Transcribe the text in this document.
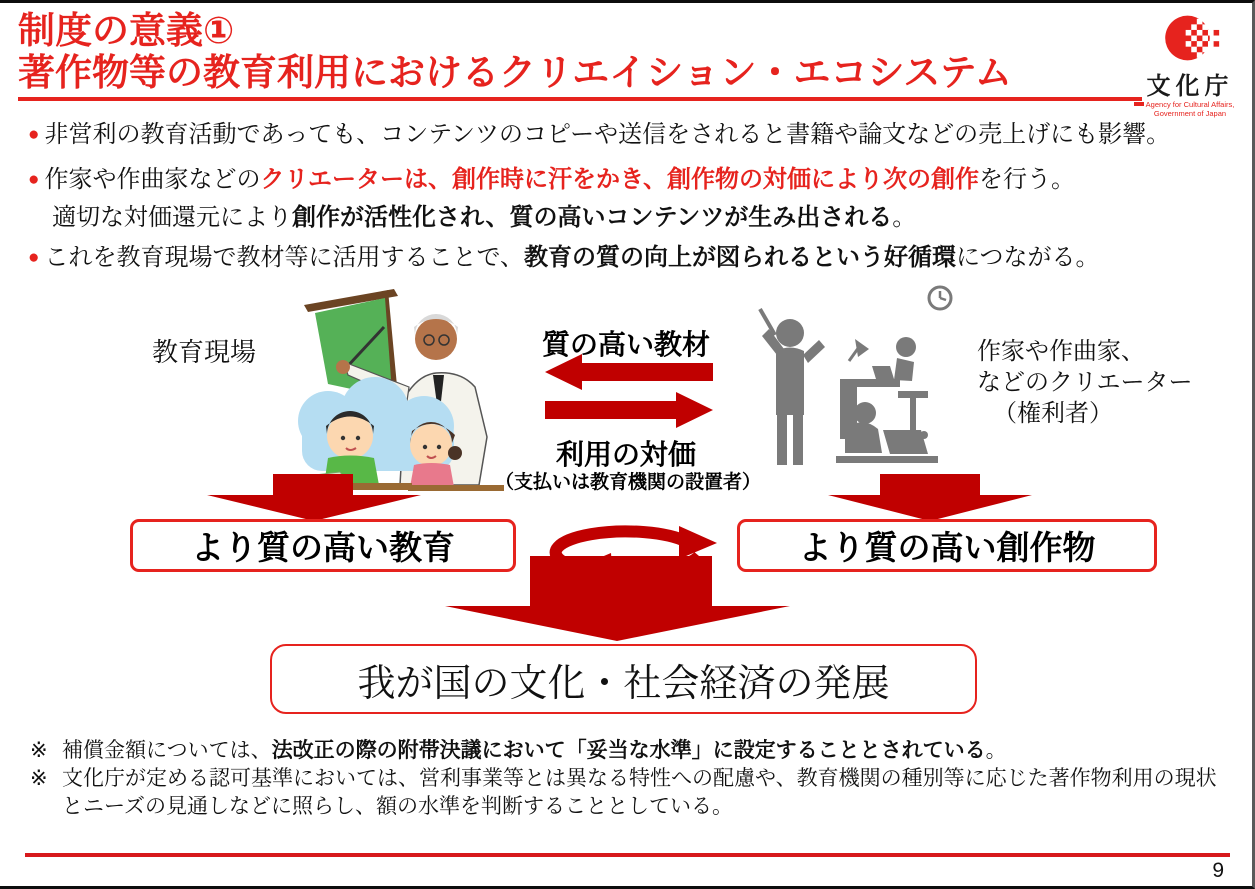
制度の意義①
著作物等の教育利用におけるクリエイション・エコシステム	文化庁
Agency for Cultural Affairs,
Government of Japan
● 非営利の教育活動であっても、コンテンツのコピーや送信をされると書籍や論文などの売上げにも影響。
● 作家や作曲家などのクリエーターは、創作時に汗をかき、創作物の対価により次の創作を行う。
適切な対価還元により創作が活性化され、質の高いコンテンツが生み出される。
● これを教育現場で教材等に活用することで、教育の質の向上が図られるという好循環につながる。
教育現場	質の高い教材
利用の対価
（支払いは教育機関の設置者）
作家や作曲家、
などのクリエーター
（権利者）
より質の高い教育	より質の高い創作物
我が国の文化・社会経済の発展
※ 補償金額については、法改正の際の附帯決議において「妥当な水準」に設定することとされている。
※ 文化庁が定める認可基準においては、営利事業等とは異なる特性への配慮や、教育機関の種別等に応じた著作物利用の現状とニーズの見通しなどに照らし、額の水準を判断することとしている。
9
